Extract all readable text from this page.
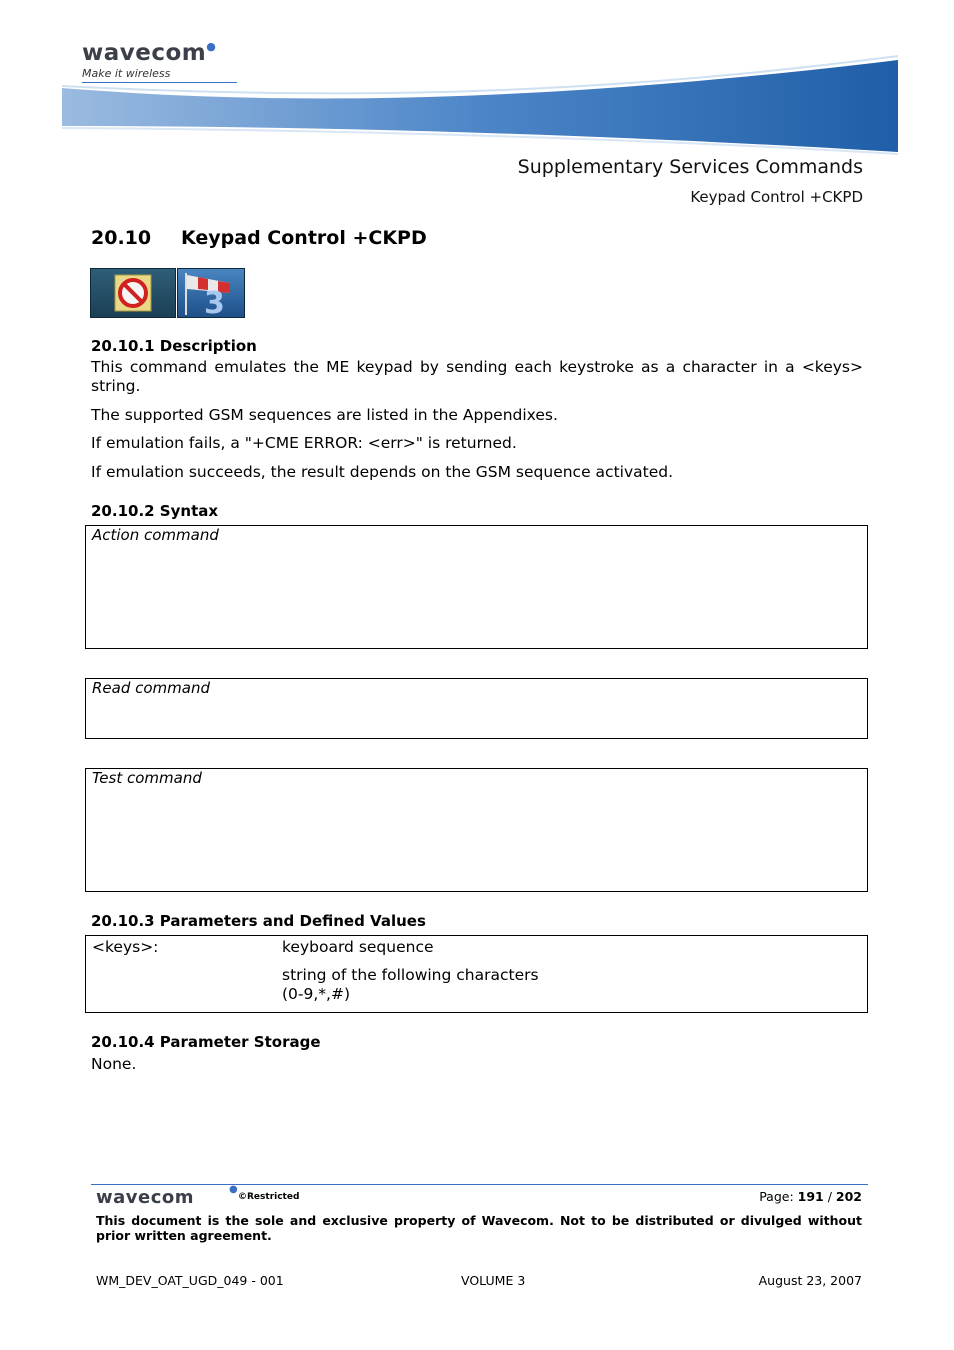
wavecom●
Make it wireless
Supplementary Services Commands
Keypad Control +CKPD
20.10 Keypad Control +CKPD
3
20.10.1 Description
This command emulates the ME keypad by sending each keystroke as a character in a <keys> string.
The supported GSM sequences are listed in the Appendixes.
If emulation fails, a "+CME ERROR: <err>" is returned.
If emulation succeeds, the result depends on the GSM sequence activated.
20.10.2 Syntax
Action command
Read command
Test command
20.10.3 Parameters and Defined Values
<keys>:	keyboard sequence
string of the following characters
(0-9,*,#)
20.10.4 Parameter Storage
None.
wavecom	●
©Restricted	Page: 191 / 202
This document is the sole and exclusive property of Wavecom. Not to be distributed or divulged without prior written agreement.
WM_DEV_OAT_UGD_049 - 001	VOLUME 3	August 23, 2007
